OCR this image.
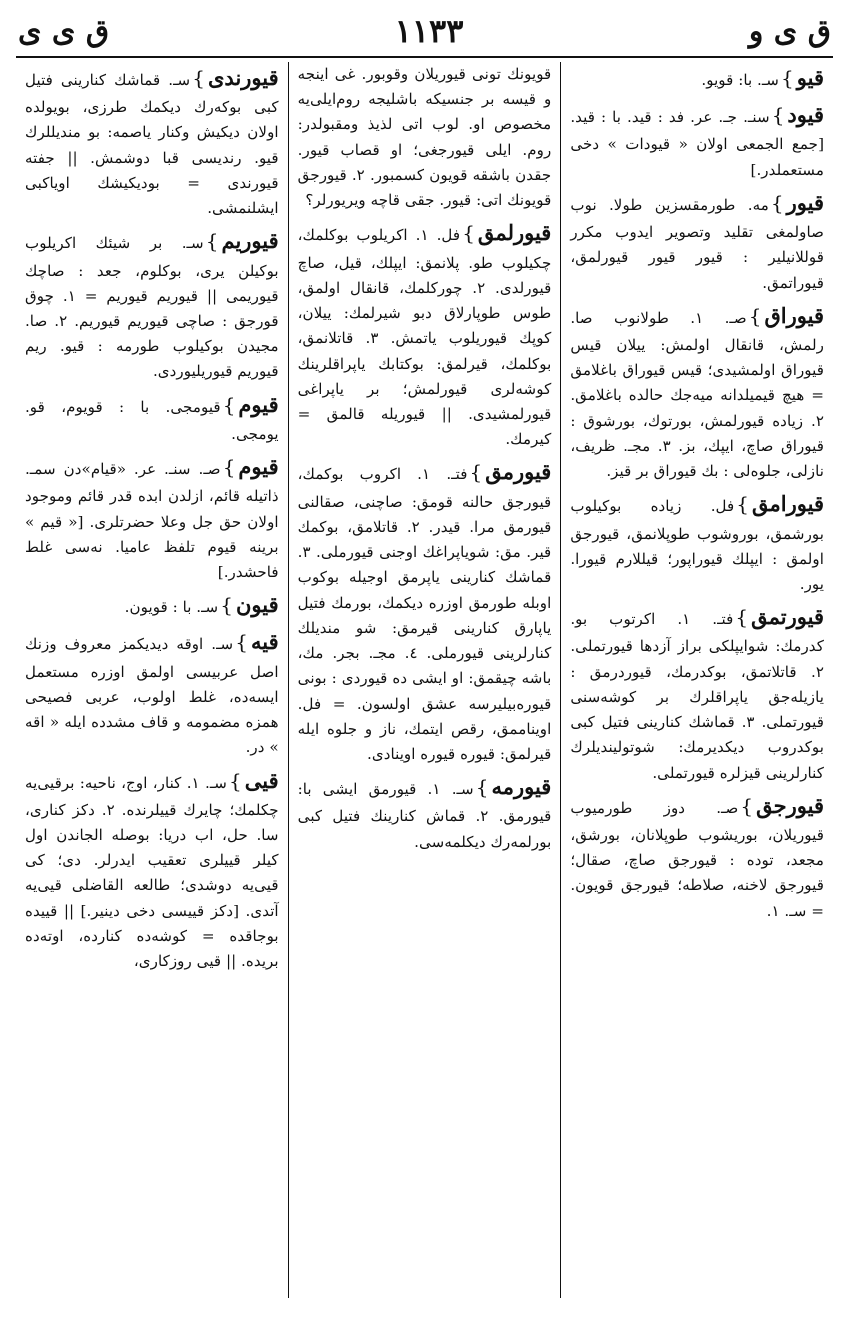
ق ی و
١١٣٣
ق ی ی

قيو}سـ. با: قويو.

قيود}سنـ. جـ. عر. فد : قيد. با : قيد. [جمع الجمعى اولان « قيودات » دخى مستعملدر.]

قيور}مه. طورمقسزين طولا. نوب صاولمغى تقليد وتصوير ايدوب مكرر قوللانيلير : قيور قيور قيورلمق، قيوراتمق.

قيوراق}صـ. ١. طولانوب صا. رلمش، قانقال اولمش: ييلان قيس قيوراق اولمشيدى؛ قيس قيوراق باغلامق = هيچ قيميلدانه ميه‌جك حالده باغلامق. ٢. زياده قيورلمش، بورتوك، بورشوق : قيوراق صاچ، ايپك، بز. ٣. مجـ. ظريف، نازلى، جلوه‌لى : بك قيوراق بر قيز.

قيورامق}فل. زياده بوكيلوب بورشمق، بوروشوب طوپلانمق، قيورجق اولمق : ايپلك قيوراپور؛ قيللارم قيورا. يور.

قيورتمق}فتـ. ١. اكرتوب بو. كدرمك: شوايپلكى براز آزدها قيورتملى. ٢. قاتلاتمق، بوكدرمك، قيوردرمق : يازيله‌جق ياپراقلرك بر كوشه‌سنى قيورتملى. ٣. قماشك كنارينى فتيل كبى بوكدروب ديكديرمك: شوتولينديلرك كنارلرينى قيزلره قيورتملى.

قيورجق}صـ. دوز طورميوب قيوريلان، بوريشوب طوپلانان، بورشق، مجعد، توده : قيورجق صاچ، صقال؛ قيورجق لاخنه، صلاطه؛ قيورجق قويون. = سـ. ١.

قويونك تونى قيوريلان وقوبور. غى اينجه و قيسه بر جنسيكه باشليجه روم‌ايلى‌يه مخصوص او. لوب اتى لذيذ ومقبولدر: روم. ايلى قيورجغى؛ او قصاب قيور. جقدن باشقه قويون كسمبور. ٢. قيورجق قويونك اتى: قيور. جقى قاچه ويريورلر؟

قيورلمق}فل. ١. اكريلوب بوكلمك، چكيلوب طو. پلانمق: ايپلك، قيل، صاچ قيورلدى. ٢. چوركلمك، قانقال اولمق، طوس طوپارلاق دبو شيرلمك: ييلان، كوپك قيوريلوب ياتمش. ٣. قاتلانمق، بوكلمك، قيرلمق: بوكتابك ياپراقلرينك كوشه‌لرى قيورلمش؛ بر ياپراغى قيورلمشيدى. || قيوريله قالمق = كيرمك.

قيورمق}فتـ. ١. اكروب بوكمك، قيورجق حالنه قومق: صاچنى، صقالنى قيورمق مرا. قيدر. ٢. قاتلامق، بوكمك قير. مق: شوياپراغك اوجنى قيورملى. ٣. قماشك كنارينى ياپرمق اوجيله بوكوب اوبله طورمق اوزره ديكمك، بورمك فتيل ياپارق كنارينى قيرمق: شو منديلك كنارلرينى قيورملى. ٤. مجـ. بجر. مك، باشه چيقمق: او ايشى ده قيوردى : بونى قيوره‌بيليرسه عشق اولسون. = فل. اويناممق، رقص ايتمك، ناز و جلوه ايله قيرلمق: قيوره قيوره اوينادى.

قيورمه}سـ. ١. قيورمق ايشى با: قيورمق. ٢. قماش كنارينك فتيل كبى بورلمه‌رك ديكلمه‌سى.

قيورندى}سـ. قماشك كنارينى فتيل كبى بوكه‌رك ديكمك طرزى، بويولده اولان ديكيش وكنار ياصمه: بو منديللرك قيو. رنديسى قبا دوشمش. || جفته قيورندى = بوديكيشك اوياكبى ايشلنمشى.

قيوريم}سـ. بر شيئك اكريلوب بوكيلن يرى، بوكلوم، جعد : صاچك قيوريمى || قيوريم قيوريم = ١. چوق قورجق : صاچى قيوريم قيوريم. ٢. صا. مجيدن بوكيلوب طورمه : قيو. ريم قيوريم قيوريليوردى.

قيوم}قيومجى. با : قويوم، قو. يومجى.

قيوم}صـ. سنـ. عر. «قيام»دن سمـ. ذاتيله قائم، ازلدن ابده قدر قائم وموجود اولان حق جل وعلا حضرتلرى. [« قيم » برينه قيوم تلفظ عاميا. نه‌سى غلط فاحشدر.]

قيون}سـ. با : قويون.

قيه}سـ. اوقه ديديكمز معروف وزنك اصل عربيسى اولمق اوزره مستعمل ايسه‌ده، غلط اولوب، عربى فصيحى همزه مضمومه و قاف مشدده ايله « اقه » در.

قيى}سـ. ١. كنار، اوج، ناحيه: برقيى‌يه چكلمك؛ چايرك قييلرنده. ٢. دكز كنارى، سا. حل، اب دريا: بوصله الجاندن اول كيلر قييلرى تعقيب ايدرلر. دى؛ كى قيى‌يه دوشدى؛ طالعه القاضلى قيى‌يه آتدى. [دكز قييسى دخى دينير.] || قييده بوجاقده = كوشه‌ده كنارده، اوته‌ده بريده. || قيى روزكارى،
